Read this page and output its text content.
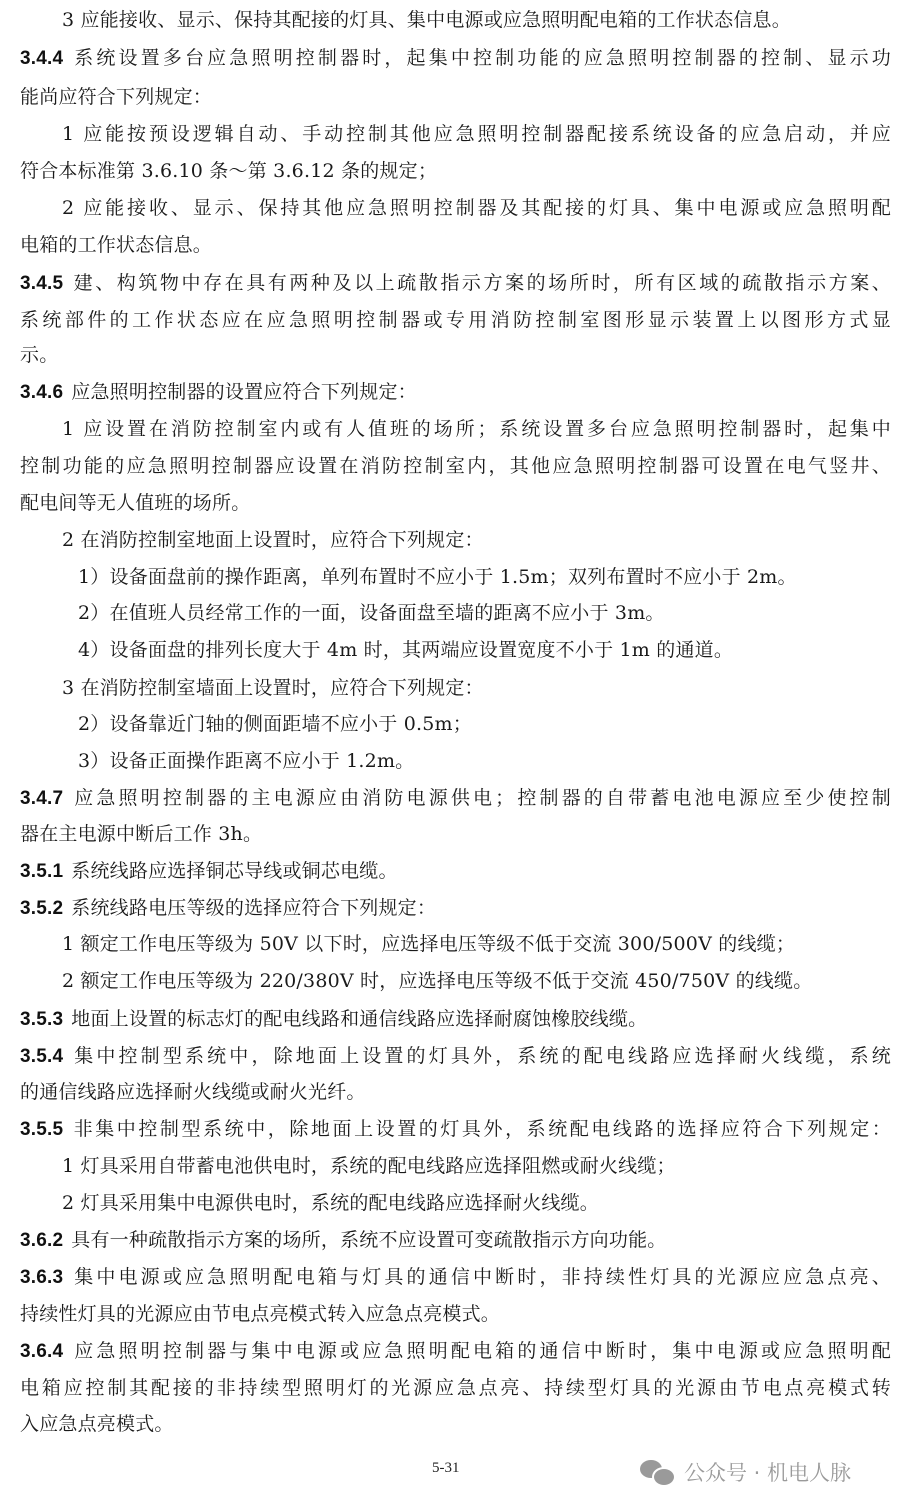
3 应能接收、显示、保持其配接的灯具、集中电源或应急照明配电箱的工作状态信息。
3.4.4 系统设置多台应急照明控制器时，起集中控制功能的应急照明控制器的控制、显示功
能尚应符合下列规定：
1 应能按预设逻辑自动、手动控制其他应急照明控制器配接系统设备的应急启动，并应
符合本标准第 3.6.10 条～第 3.6.12 条的规定；
2 应能接收、显示、保持其他应急照明控制器及其配接的灯具、集中电源或应急照明配
电箱的工作状态信息。
3.4.5 建、构筑物中存在具有两种及以上疏散指示方案的场所时，所有区域的疏散指示方案、
系统部件的工作状态应在应急照明控制器或专用消防控制室图形显示装置上以图形方式显
示。
3.4.6 应急照明控制器的设置应符合下列规定：
1 应设置在消防控制室内或有人值班的场所；系统设置多台应急照明控制器时，起集中
控制功能的应急照明控制器应设置在消防控制室内，其他应急照明控制器可设置在电气竖井、
配电间等无人值班的场所。
2 在消防控制室地面上设置时，应符合下列规定：
1）设备面盘前的操作距离，单列布置时不应小于 1.5m；双列布置时不应小于 2m。
2）在值班人员经常工作的一面，设备面盘至墙的距离不应小于 3m。
4）设备面盘的排列长度大于 4m 时，其两端应设置宽度不小于 1m 的通道。
3 在消防控制室墙面上设置时，应符合下列规定：
2）设备靠近门轴的侧面距墙不应小于 0.5m；
3）设备正面操作距离不应小于 1.2m。
3.4.7 应急照明控制器的主电源应由消防电源供电；控制器的自带蓄电池电源应至少使控制
器在主电源中断后工作 3h。
3.5.1 系统线路应选择铜芯导线或铜芯电缆。
3.5.2 系统线路电压等级的选择应符合下列规定：
1 额定工作电压等级为 50V 以下时，应选择电压等级不低于交流 300/500V 的线缆；
2 额定工作电压等级为 220/380V 时，应选择电压等级不低于交流 450/750V 的线缆。
3.5.3 地面上设置的标志灯的配电线路和通信线路应选择耐腐蚀橡胶线缆。
3.5.4 集中控制型系统中，除地面上设置的灯具外，系统的配电线路应选择耐火线缆，系统
的通信线路应选择耐火线缆或耐火光纤。
3.5.5 非集中控制型系统中，除地面上设置的灯具外，系统配电线路的选择应符合下列规定：
1 灯具采用自带蓄电池供电时，系统的配电线路应选择阻燃或耐火线缆；
2 灯具采用集中电源供电时，系统的配电线路应选择耐火线缆。
3.6.2 具有一种疏散指示方案的场所，系统不应设置可变疏散指示方向功能。
3.6.3 集中电源或应急照明配电箱与灯具的通信中断时，非持续性灯具的光源应应急点亮、
持续性灯具的光源应由节电点亮模式转入应急点亮模式。
3.6.4 应急照明控制器与集中电源或应急照明配电箱的通信中断时，集中电源或应急照明配
电箱应控制其配接的非持续型照明灯的光源应急点亮、持续型灯具的光源由节电点亮模式转
入应急点亮模式。
5-31	公众号 · 机电人脉
